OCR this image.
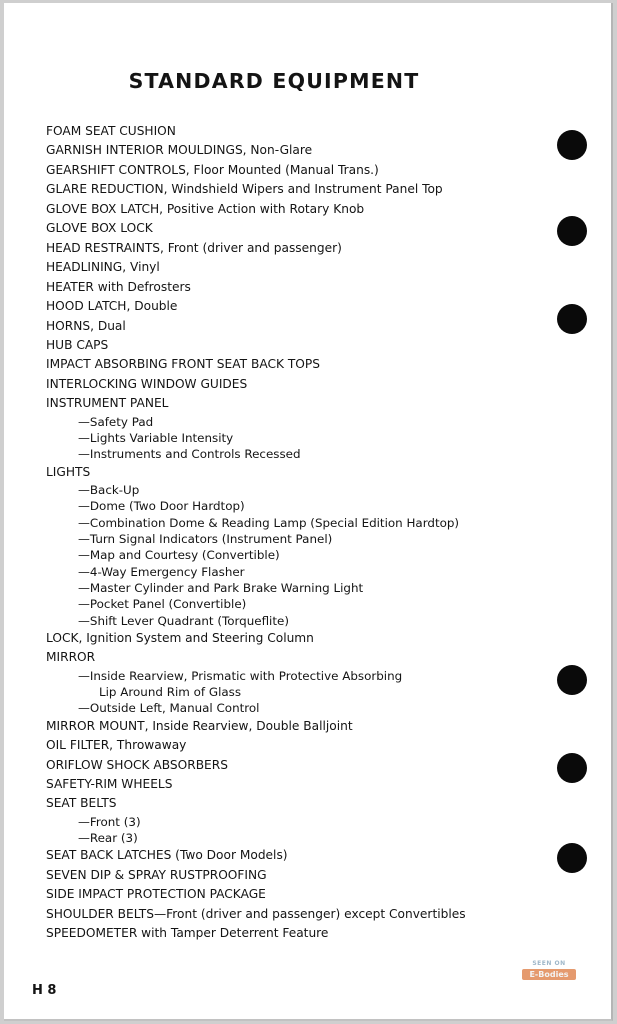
STANDARD EQUIPMENT
FOAM SEAT CUSHION
GARNISH INTERIOR MOULDINGS, Non-Glare
GEARSHIFT CONTROLS, Floor Mounted (Manual Trans.)
GLARE REDUCTION, Windshield Wipers and Instrument Panel Top
GLOVE BOX LATCH, Positive Action with Rotary Knob
GLOVE BOX LOCK
HEAD RESTRAINTS, Front (driver and passenger)
HEADLINING, Vinyl
HEATER with Defrosters
HOOD LATCH, Double
HORNS, Dual
HUB CAPS
IMPACT ABSORBING FRONT SEAT BACK TOPS
INTERLOCKING WINDOW GUIDES
INSTRUMENT PANEL
—Safety Pad
—Lights Variable Intensity
—Instruments and Controls Recessed
LIGHTS
—Back-Up
—Dome (Two Door Hardtop)
—Combination Dome & Reading Lamp (Special Edition Hardtop)
—Turn Signal Indicators (Instrument Panel)
—Map and Courtesy (Convertible)
—4-Way Emergency Flasher
—Master Cylinder and Park Brake Warning Light
—Pocket Panel (Convertible)
—Shift Lever Quadrant (Torqueflite)
LOCK, Ignition System and Steering Column
MIRROR
—Inside Rearview, Prismatic with Protective Absorbing
Lip Around Rim of Glass
—Outside Left, Manual Control
MIRROR MOUNT, Inside Rearview, Double Balljoint
OIL FILTER, Throwaway
ORIFLOW SHOCK ABSORBERS
SAFETY-RIM WHEELS
SEAT BELTS
—Front (3)
—Rear (3)
SEAT BACK LATCHES (Two Door Models)
SEVEN DIP & SPRAY RUSTPROOFING
SIDE IMPACT PROTECTION PACKAGE
SHOULDER BELTS—Front (driver and passenger) except Convertibles
SPEEDOMETER with Tamper Deterrent Feature
H 8
SEEN ON
E-Bodies
